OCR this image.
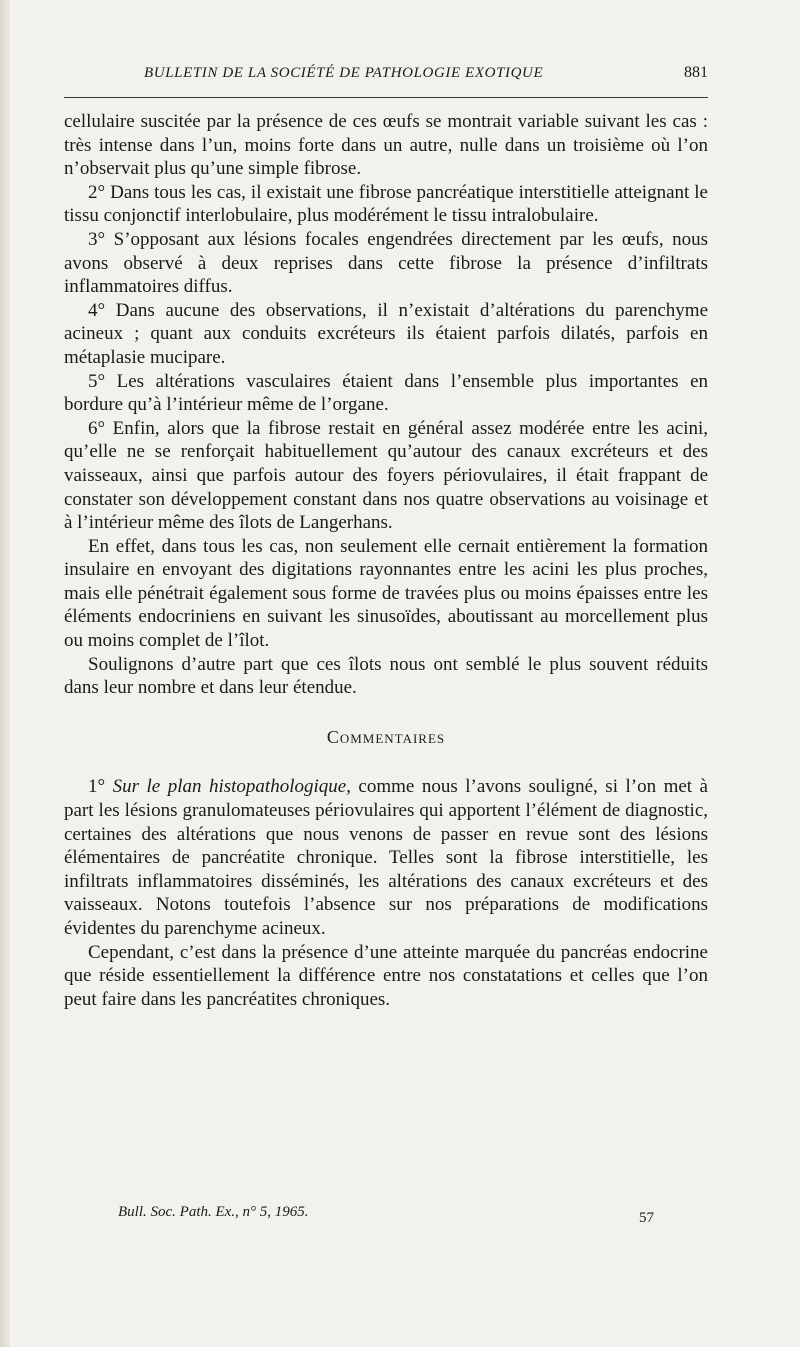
BULLETIN DE LA SOCIÉTÉ DE PATHOLOGIE EXOTIQUE	881

cellulaire suscitée par la présence de ces œufs se montrait variable suivant les cas : très intense dans l’un, moins forte dans un autre, nulle dans un troisième où l’on n’observait plus qu’une simple fibrose.

2° Dans tous les cas, il existait une fibrose pancréatique interstitielle atteignant le tissu conjonctif interlobulaire, plus modérément le tissu intralobulaire.

3° S’opposant aux lésions focales engendrées directement par les œufs, nous avons observé à deux reprises dans cette fibrose la présence d’infiltrats inflammatoires diffus.

4° Dans aucune des observations, il n’existait d’altérations du parenchyme acineux ; quant aux conduits excréteurs ils étaient parfois dilatés, parfois en métaplasie mucipare.

5° Les altérations vasculaires étaient dans l’ensemble plus importantes en bordure qu’à l’intérieur même de l’organe.

6° Enfin, alors que la fibrose restait en général assez modérée entre les acini, qu’elle ne se renforçait habituellement qu’autour des canaux excréteurs et des vaisseaux, ainsi que parfois autour des foyers périovulaires, il était frappant de constater son développement constant dans nos quatre observations au voisinage et à l’intérieur même des îlots de Langerhans.

En effet, dans tous les cas, non seulement elle cernait entièrement la formation insulaire en envoyant des digitations rayonnantes entre les acini les plus proches, mais elle pénétrait également sous forme de travées plus ou moins épaisses entre les éléments endocriniens en suivant les sinusoïdes, aboutissant au morcellement plus ou moins complet de l’îlot.

Soulignons d’autre part que ces îlots nous ont semblé le plus souvent réduits dans leur nombre et dans leur étendue.

Commentaires

1° Sur le plan histopathologique, comme nous l’avons souligné, si l’on met à part les lésions granulomateuses périovulaires qui apportent l’élément de diagnostic, certaines des altérations que nous venons de passer en revue sont des lésions élémentaires de pancréatite chronique. Telles sont la fibrose interstitielle, les infiltrats inflammatoires disséminés, les altérations des canaux excréteurs et des vaisseaux. Notons toutefois l’absence sur nos préparations de modifications évidentes du parenchyme acineux.

Cependant, c’est dans la présence d’une atteinte marquée du pancréas endocrine que réside essentiellement la différence entre nos constatations et celles que l’on peut faire dans les pancréatites chroniques.

Bull. Soc. Path. Ex., n° 5, 1965.	57
